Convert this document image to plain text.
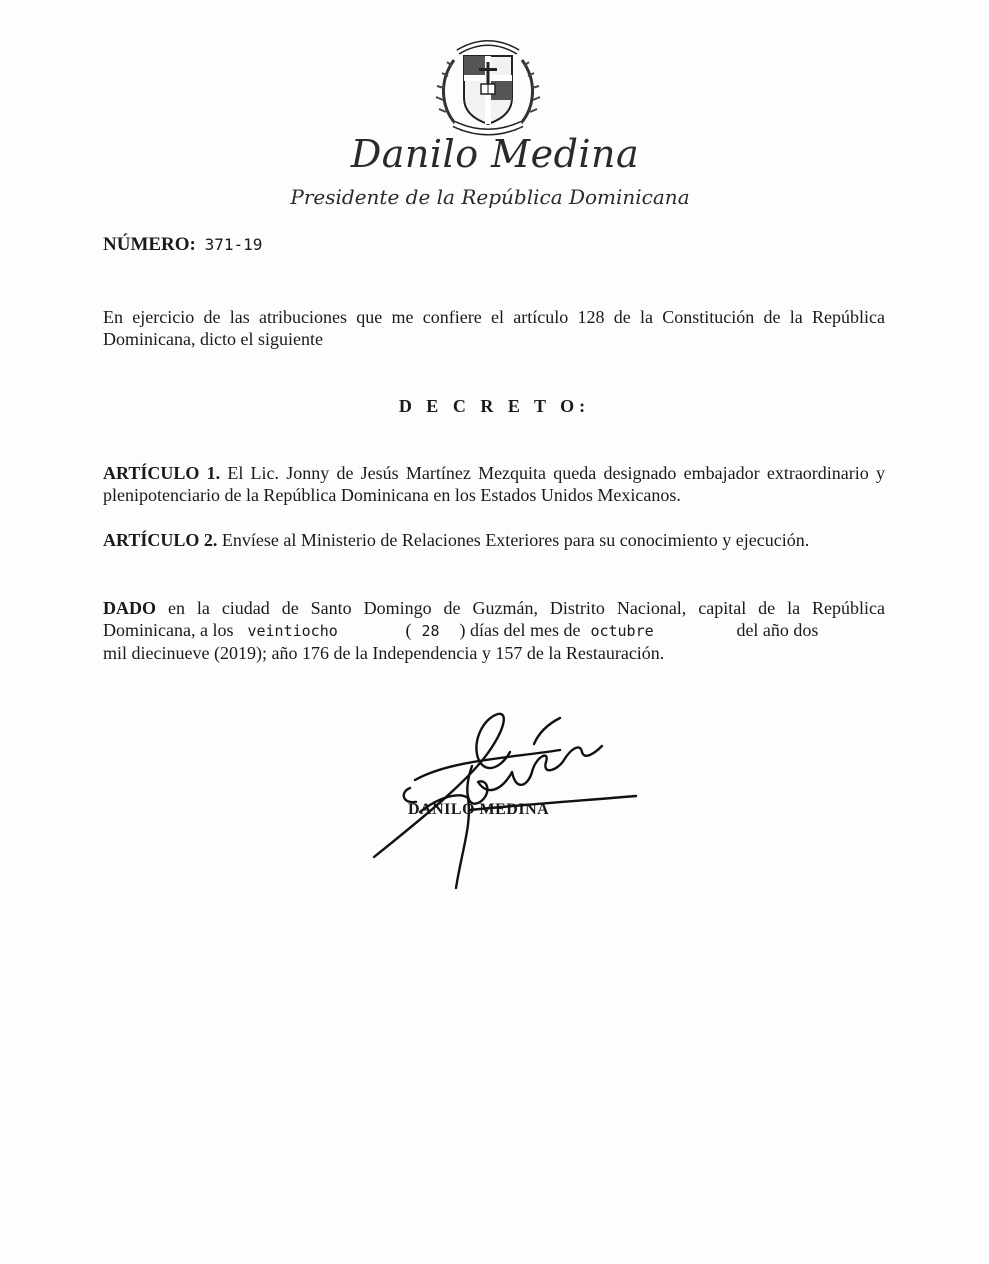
Danilo Medina
Presidente de la República Dominicana
NÚMERO: 371-19
En ejercicio de las atribuciones que me confiere el artículo 128 de la Constitución de la República Dominicana, dicto el siguiente
D E C R E T O:
ARTÍCULO 1. El Lic. Jonny de Jesús Martínez Mezquita queda designado embajador extraordinario y plenipotenciario de la República Dominicana en los Estados Unidos Mexicanos.
ARTÍCULO 2. Envíese al Ministerio de Relaciones Exteriores para su conocimiento y ejecución.
DADO en la ciudad de Santo Domingo de Guzmán, Distrito Nacional, capital de la República
Dominicana, a los veintiocho	( 28 ) días del mes de octubre	del año dos
mil diecinueve (2019); año 176 de la Independencia y 157 de la Restauración.
DANILO MEDINA
